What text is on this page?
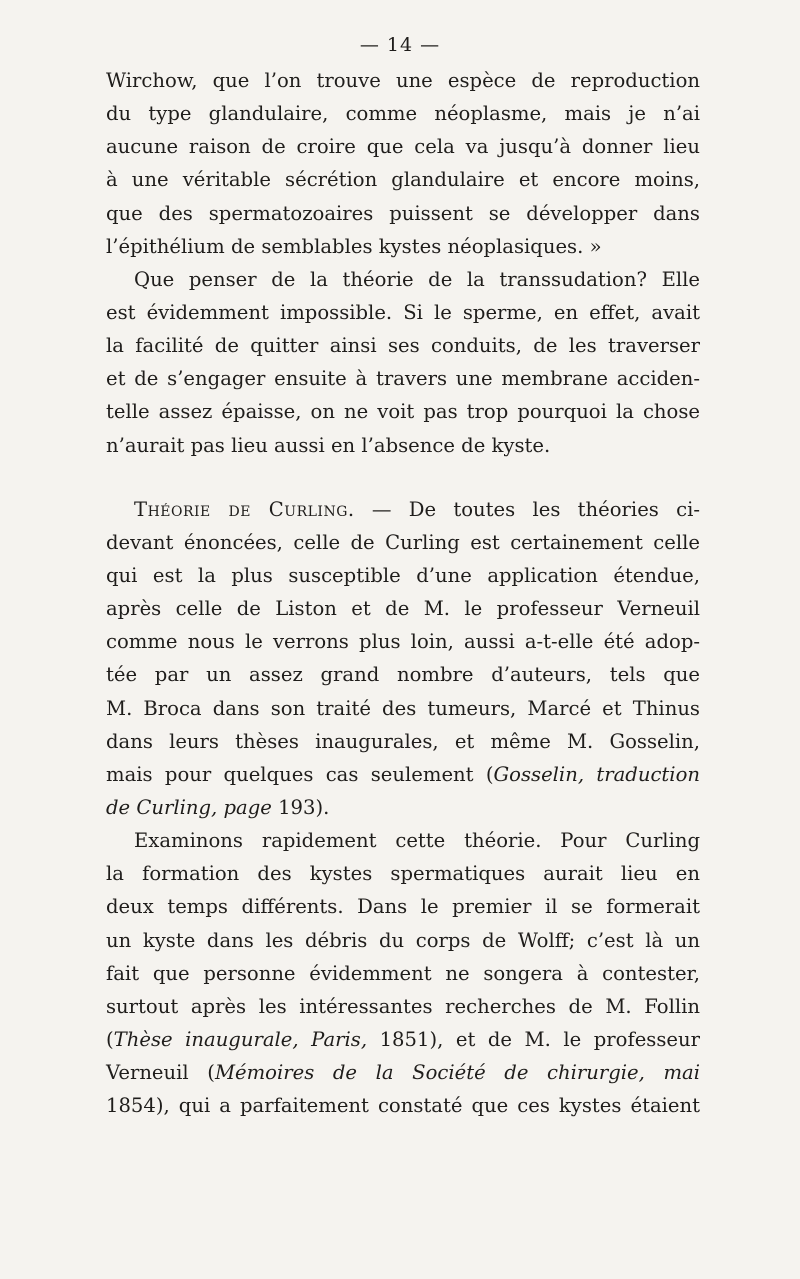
— 14 —
Wirchow, que l’on trouve une espèce de reproduction
du type glandulaire, comme néoplasme, mais je n’ai
aucune raison de croire que cela va jusqu’à donner lieu
à une véritable sécrétion glandulaire et encore moins,
que des spermatozoaires puissent se développer dans
l’épithélium de semblables kystes néoplasiques. »
Que penser de la théorie de la transsudation? Elle
est évidemment impossible. Si le sperme, en effet, avait
la facilité de quitter ainsi ses conduits, de les traverser
et de s’engager ensuite à travers une membrane acciden-
telle assez épaisse, on ne voit pas trop pourquoi la chose
n’aurait pas lieu aussi en l’absence de kyste.
Théorie de Curling. — De toutes les théories ci-
devant énoncées, celle de Curling est certainement celle
qui est la plus susceptible d’une application étendue,
après celle de Liston et de M. le professeur Verneuil
comme nous le verrons plus loin, aussi a-t-elle été adop-
tée par un assez grand nombre d’auteurs, tels que
M. Broca dans son traité des tumeurs, Marcé et Thinus
dans leurs thèses inaugurales, et même M. Gosselin,
mais pour quelques cas seulement (Gosselin, traduction
de Curling, page 193).
Examinons rapidement cette théorie. Pour Curling
la formation des kystes spermatiques aurait lieu en
deux temps différents. Dans le premier il se formerait
un kyste dans les débris du corps de Wolff; c’est là un
fait que personne évidemment ne songera à contester,
surtout après les intéressantes recherches de M. Follin
(Thèse inaugurale, Paris, 1851), et de M. le professeur
Verneuil (Mémoires de la Société de chirurgie, mai
1854), qui a parfaitement constaté que ces kystes étaient
